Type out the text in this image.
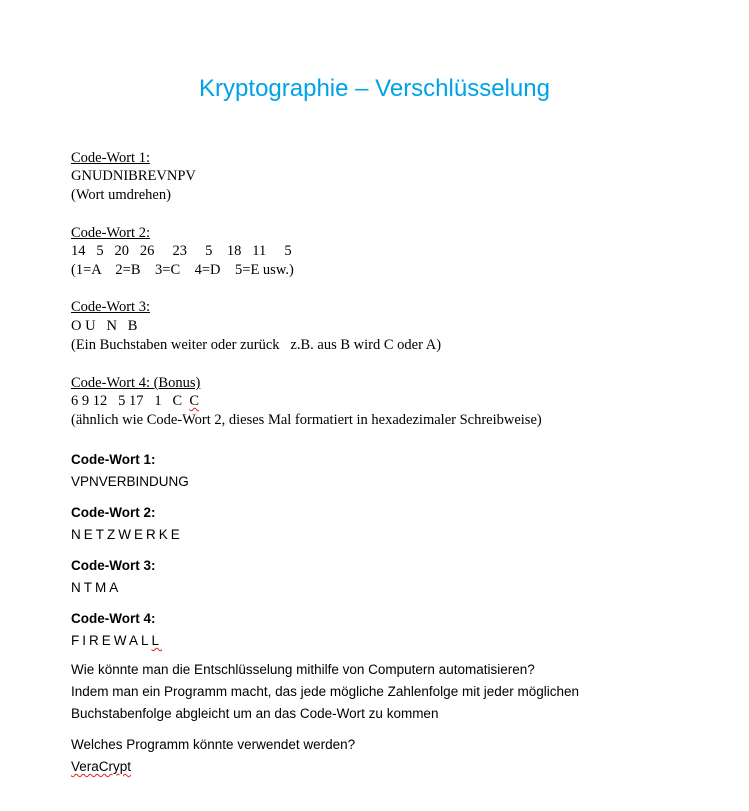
Kryptographie – Verschlüsselung
Code-Wort 1:
GNUDNIBREVNPV
(Wort umdrehen)
Code-Wort 2:
14   5   20   26     23     5    18   11     5
(1=A    2=B    3=C    4=D    5=E usw.)
Code-Wort 3:
O U   N   B
(Ein Buchstaben weiter oder zurück   z.B. aus B wird C oder A)
Code-Wort 4: (Bonus)
6 9 12   5 17   1   C  C
(ähnlich wie Code-Wort 2, dieses Mal formatiert in hexadezimaler Schreibweise)
Code-Wort 1:
VPNVERBINDUNG
Code-Wort 2:
NETZWERKE
Code-Wort 3:
NTMA
Code-Wort 4:
FIREWALL
Wie könnte man die Entschlüsselung mithilfe von Computern automatisieren?
Indem man ein Programm macht, das jede mögliche Zahlenfolge mit jeder möglichen
Buchstabenfolge abgleicht um an das Code-Wort zu kommen
Welches Programm könnte verwendet werden?
VeraCrypt
